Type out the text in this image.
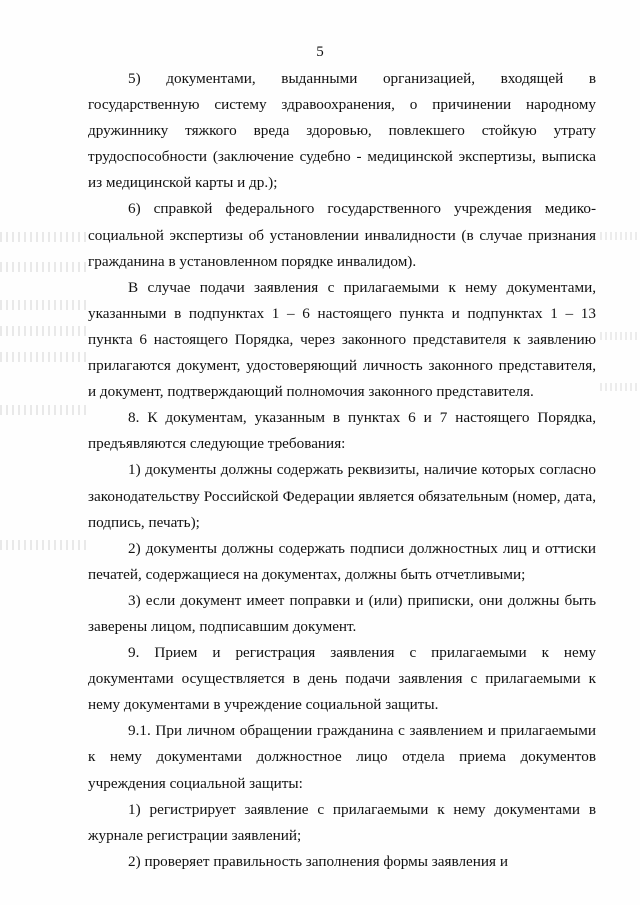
5

5) документами, выданными организацией, входящей в государственную систему здравоохранения, о причинении народному дружиннику тяжкого вреда здоровью, повлекшего стойкую утрату трудоспособности (заключение судебно - медицинской экспертизы, выписка из медицинской карты и др.);

6) справкой федерального государственного учреждения медико-социальной экспертизы об установлении инвалидности (в случае признания гражданина в установленном порядке инвалидом).

В случае подачи заявления с прилагаемыми к нему документами, указанными в подпунктах 1 – 6 настоящего пункта и подпунктах 1 – 13 пункта 6 настоящего Порядка, через законного представителя к заявлению прилагаются документ, удостоверяющий личность законного представителя, и документ, подтверждающий полномочия законного представителя.

8. К документам, указанным в пунктах 6 и 7 настоящего Порядка, предъявляются следующие требования:

1) документы должны содержать реквизиты, наличие которых согласно законодательству Российской Федерации является обязательным (номер, дата, подпись, печать);

2) документы должны содержать подписи должностных лиц и оттиски печатей, содержащиеся на документах, должны быть отчетливыми;

3) если документ имеет поправки и (или) приписки, они должны быть заверены лицом, подписавшим документ.

9. Прием и регистрация заявления с прилагаемыми к нему документами осуществляется в день подачи заявления с прилагаемыми к нему документами в учреждение социальной защиты.

9.1. При личном обращении гражданина с заявлением и прилагаемыми к нему документами должностное лицо отдела приема документов учреждения социальной защиты:

1) регистрирует заявление с прилагаемыми к нему документами в журнале регистрации заявлений;

2) проверяет правильность заполнения формы заявления и
